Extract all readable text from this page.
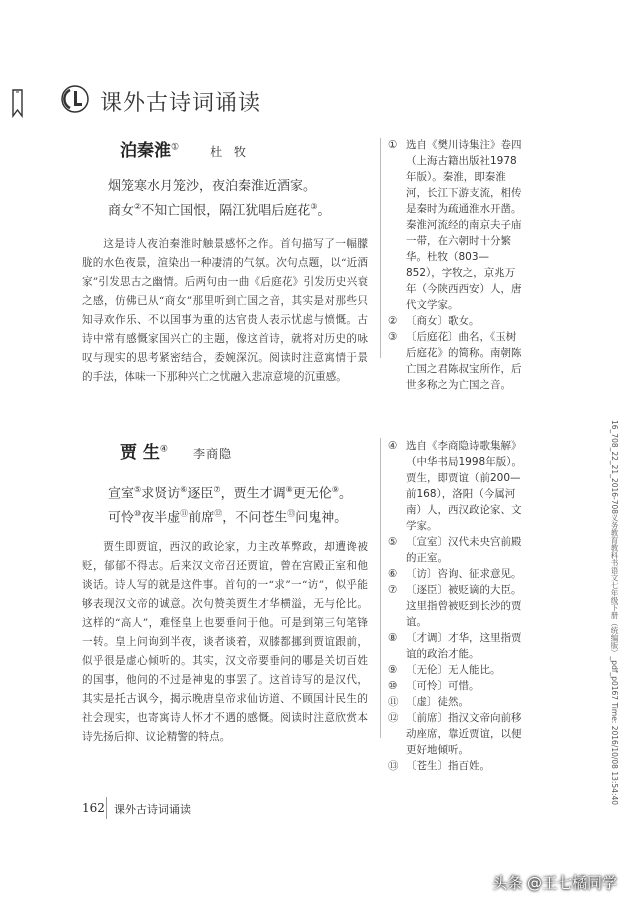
课外古诗词诵读
泊秦淮①	杜 牧
烟笼寒水月笼沙，夜泊秦淮近酒家。
商女②不知亡国恨，隔江犹唱后庭花③。

这是诗人夜泊秦淮时触景感怀之作。首句描写了一幅朦胧的水色夜景，渲染出一种凄清的气氛。次句点题，以“近酒家”引发思古之幽情。后两句由一曲《后庭花》引发历史兴衰之感，仿佛已从“商女”那里听到亡国之音，其实是对那些只知寻欢作乐、不以国事为重的达官贵人表示忧虑与愤慨。古诗中常有感慨家国兴亡的主题，像这首诗，就将对历史的咏叹与现实的思考紧密结合，委婉深沉。阅读时注意寓情于景的手法，体味一下那种兴亡之忧融入悲凉意境的沉重感。

① 选自《樊川诗集注》卷四（上海古籍出版社1978年版）。秦淮，即秦淮河，长江下游支流，相传是秦时为疏通淮水开凿。秦淮河流经的南京夫子庙一带，在六朝时十分繁华。杜牧（803—852），字牧之，京兆万年（今陕西西安）人，唐代文学家。
② 〔商女〕歌女。
③ 〔后庭花〕曲名，《玉树后庭花》的简称。南朝陈亡国之君陈叔宝所作，后世多称之为亡国之音。
贾 生④ 李商隐
宣室⑤求贤访⑥逐臣⑦，贾生才调⑧更无伦⑨。
可怜⑩夜半虚⑪前席⑫，不问苍生⑬问鬼神。

贾生即贾谊，西汉的政论家，力主改革弊政，却遭谗被贬，郁郁不得志。后来汉文帝召还贾谊，曾在宫殿正室和他谈话。诗人写的就是这件事。首句的一“求”一“访”，似乎能够表现汉文帝的诚意。次句赞美贾生才华横溢，无与伦比。这样的“高人”，难怪皇上也要垂问于他。可是到第三句笔锋一转。皇上问询到半夜，谈者谈着，双膝都挪到贾谊跟前，似乎很是虚心倾听的。其实，汉文帝要垂问的哪是关切百姓的国事，他问的不过是神鬼的事罢了。这首诗写的是汉代，其实是托古讽今，揭示晚唐皇帝求仙访道、不顾国计民生的社会现实，也寄寓诗人怀才不遇的感慨。阅读时注意欣赏本诗先扬后抑、议论精警的特点。

④ 选自《李商隐诗歌集解》（中华书局1998年版）。贾生，即贾谊（前200—前168），洛阳（今属河南）人，西汉政论家、文学家。
⑤ 〔宣室〕汉代未央宫前殿的正室。
⑥ 〔访〕咨询、征求意见。
⑦ 〔逐臣〕被贬谪的大臣。这里指曾被贬到长沙的贾谊。
⑧ 〔才调〕才华，这里指贾谊的政治才能。
⑨ 〔无伦〕无人能比。
⑩ 〔可怜〕可惜。
⑪ 〔虚〕徒然。
⑫ 〔前席〕指汉文帝向前移动座席，靠近贾谊，以便更好地倾听。
⑬ 〔苍生〕指百姓。
162 课外古诗词诵读
16_708_22_21_2016-708义务教育教科书语文七年级下册（统编版）_pdf_p0167 Time: 2016/10/08 13:54:40
头条 @王七橘同学
